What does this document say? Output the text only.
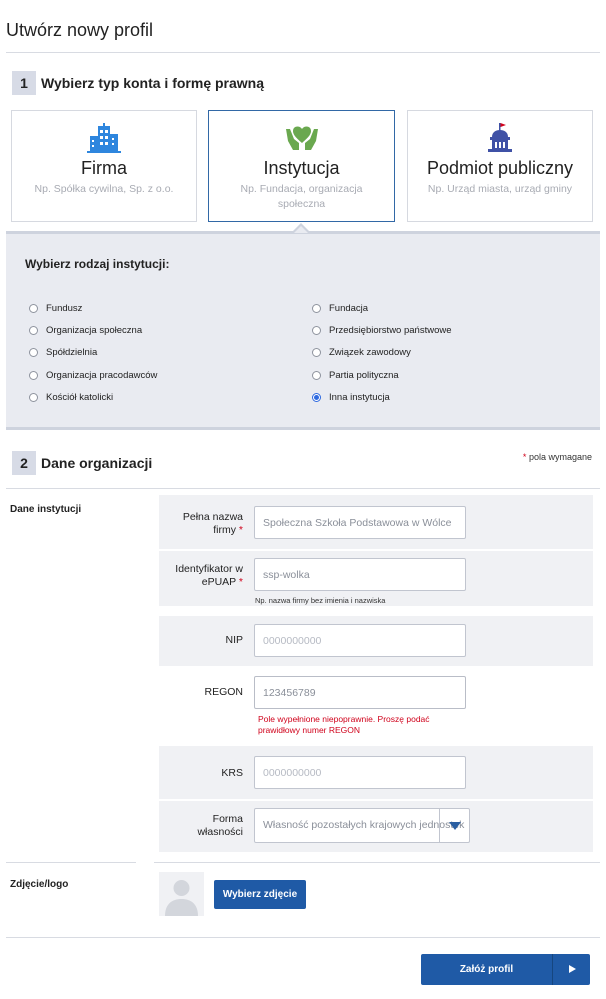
Utwórz nowy profil
1 Wybierz typ konta i formę prawną
Firma
Np. Spółka cywilna, Sp. z o.o.
Instytucja
Np. Fundacja, organizacja społeczna
Podmiot publiczny
Np. Urząd miasta, urząd gminy
Wybierz rodzaj instytucji:
Fundusz
Organizacja społeczna
Spółdzielnia
Organizacja pracodawców
Kościół katolicki
Fundacja
Przedsiębiorstwo państwowe
Związek zawodowy
Partia polityczna
Inna instytucja
2 Dane organizacji	* pola wymagane
Dane instytucji
Pełna nazwa firmy *
Społeczna Szkoła Podstawowa w Wólce
Identyfikator w ePUAP *
ssp-wolka
Np. nazwa firmy bez imienia i nazwiska
NIP
0000000000
REGON
123456789
Pole wypełnione niepoprawnie. Proszę podać prawidłowy numer REGON
KRS
0000000000
Forma własności
Własność pozostałych krajowych jednostek
Zdjęcie/logo
Wybierz zdjęcie
Załóż profil
